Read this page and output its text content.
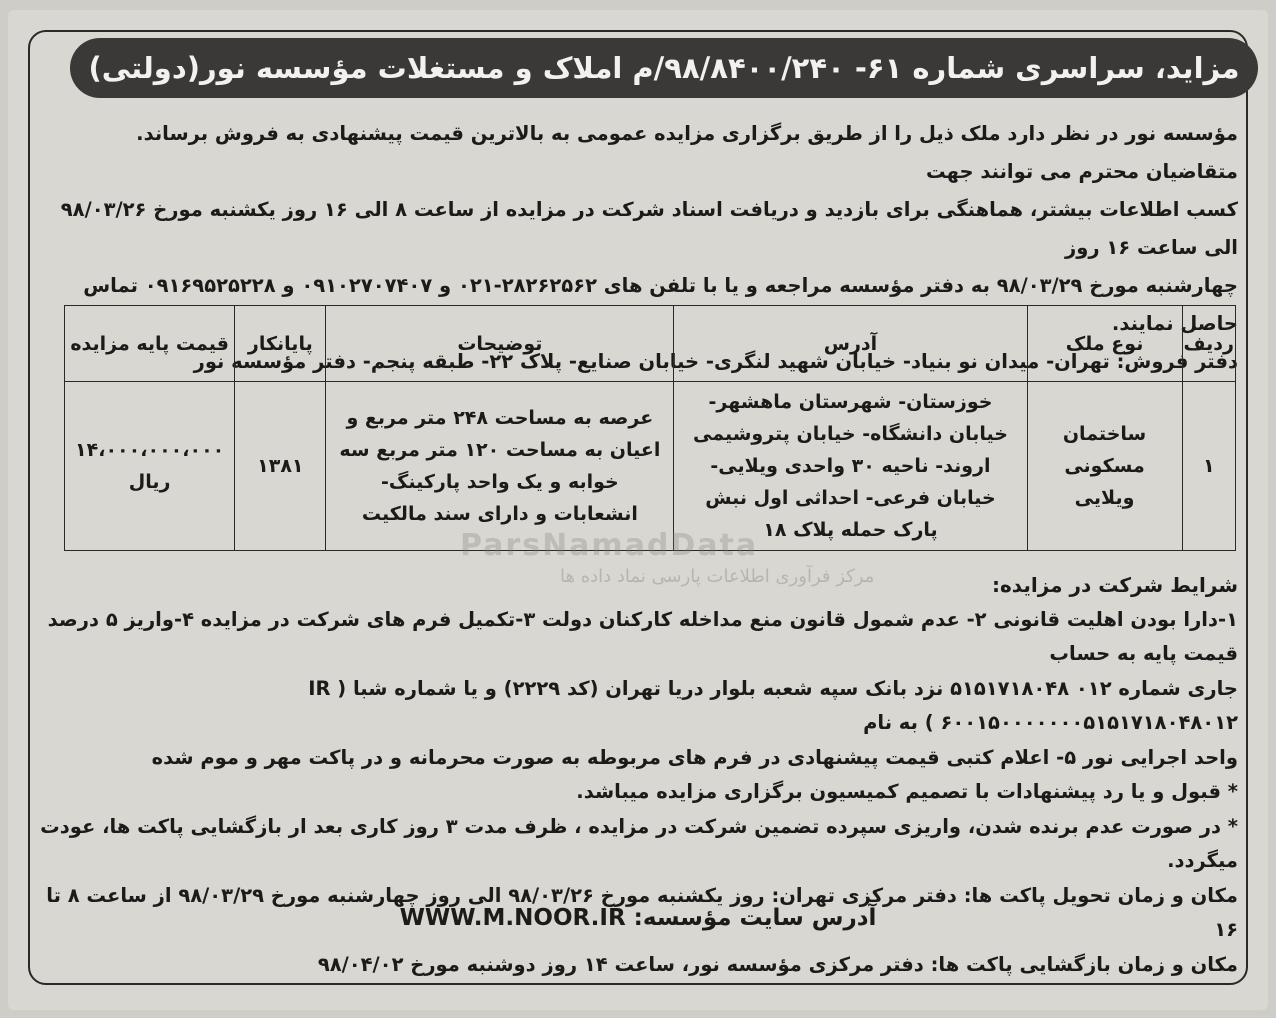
مزاید، سراسری شماره ۶۱- ۹۸/۸۴۰۰/۲۴۰/م املاک و مستغلات مؤسسه نور(دولتی)

مؤسسه نور در نظر دارد ملک ذیل را از طریق برگزاری مزایده عمومی به بالاترین قیمت پیشنهادی به فروش برساند. متقاضیان محترم می توانند جهت

کسب اطلاعات بیشتر، هماهنگی برای بازدید و دریافت اسناد شرکت در مزایده از ساعت ۸ الی ۱۶ روز یکشنبه مورخ ۹۸/۰۳/۲۶ الی ساعت ۱۶ روز

چهارشنبه مورخ ۹۸/۰۳/۲۹ به دفتر مؤسسه مراجعه و یا با تلفن های ۲۸۲۶۲۵۶۲-۰۲۱ و ۰۹۱۰۲۷۰۷۴۰۷ و ۰۹۱۶۹۵۲۵۲۲۸ تماس حاصل نمایند.

دفتر فروش: تهران- میدان نو بنیاد- خیابان شهید لنگری- خیابان صنایع- پلاک ۲۲- طبقه پنجم- دفتر مؤسسه نور

ردیف	نوع ملک	آدرس	توضیحات	پایانکار	قیمت پایه مزایده
۱	ساختمان مسکونی ویلایی	خوزستان- شهرستان ماهشهر-خیابان دانشگاه- خیابان پتروشیمی اروند- ناحیه ۳۰ واحدی ویلایی-خیابان فرعی- احداثی اول نبش پارک حمله پلاک ۱۸	عرصه به مساحت ۲۴۸ متر مربع و اعیان به مساحت ۱۲۰ متر مربع سه خوابه و یک واحد پارکینگ- انشعابات و دارای سند مالکیت	۱۳۸۱	۱۴،۰۰۰،۰۰۰،۰۰۰
ریال
ParsNamadData
مرکز فرآوری اطلاعات پارسی نماد داده ها	شرایط شرکت در مزایده:

۱-دارا بودن اهلیت قانونی ۲- عدم شمول قانون منع مداخله کارکنان دولت ۳-تکمیل فرم های شرکت در مزایده ۴-واریز ۵ درصد قیمت پایه به حساب

جاری شماره ۰۱۲ ۵۱۵۱۷۱۸۰۴۸ نزد بانک سپه شعبه بلوار دریا تهران (کد ۲۲۲۹) و یا شماره شبا ( IR ۶۰۰۱۵۰۰۰۰۰۰۰۵۱۵۱۷۱۸۰۴۸۰۱۲ ) به نام

واحد اجرایی نور ۵- اعلام کتبی قیمت پیشنهادی در فرم های مربوطه به صورت محرمانه و در پاکت مهر و موم شده

* قبول و یا رد پیشنهادات با تصمیم کمیسیون برگزاری مزایده میباشد.

* در صورت عدم برنده شدن، واریزی سپرده تضمین شرکت در مزایده ، ظرف مدت ۳ روز کاری بعد ار بازگشایی پاکت ها، عودت میگردد.

مکان و زمان تحویل پاکت ها: دفتر مرکزی تهران: روز یکشنبه مورخ ۹۸/۰۳/۲۶ الی روز چهارشنبه مورخ ۹۸/۰۳/۲۹ از ساعت ۸ تا ۱۶

مکان و زمان بازگشایی پاکت ها: دفتر مرکزی مؤسسه نور، ساعت ۱۴ روز دوشنبه مورخ ۹۸/۰۴/۰۲

آدرس سایت مؤسسه: WWW.M.NOOR.IR
